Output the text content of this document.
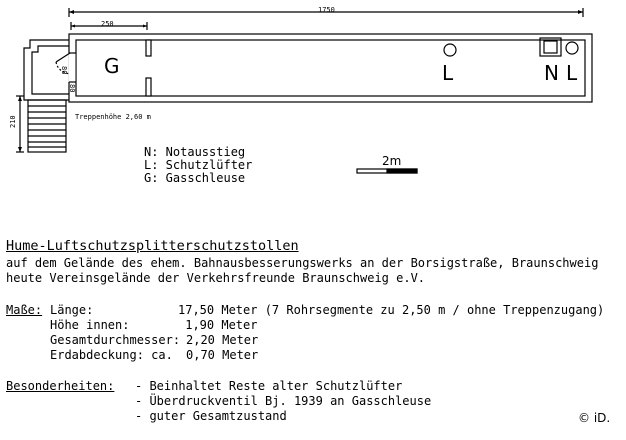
1750
250
210
80
80
Treppenhöhe 2,60 m
G	L	N L
2m
N: Notausstieg
L: Schutzlüfter
G: Gasschleuse
Hume-Luftschutzsplitterschutzstollen
auf dem Gelände des ehem. Bahnausbesserungswerks an der Borsigstraße, Braunschweig
heute Vereinsgelände der Verkehrsfreunde Braunschweig e.V.
Maße: Länge:	17,50 Meter (7 Rohrsegmente zu 2,50 m / ohne Treppenzugang)
Höhe innen:	1,90 Meter
Gesamtdurchmesser: 2,20 Meter
Erdabdeckung: ca. 0,70 Meter
Besonderheiten: - Beinhaltet Reste alter Schutzlüfter
- Überdruckventil Bj. 1939 an Gasschleuse
- guter Gesamtzustand	© iD.
